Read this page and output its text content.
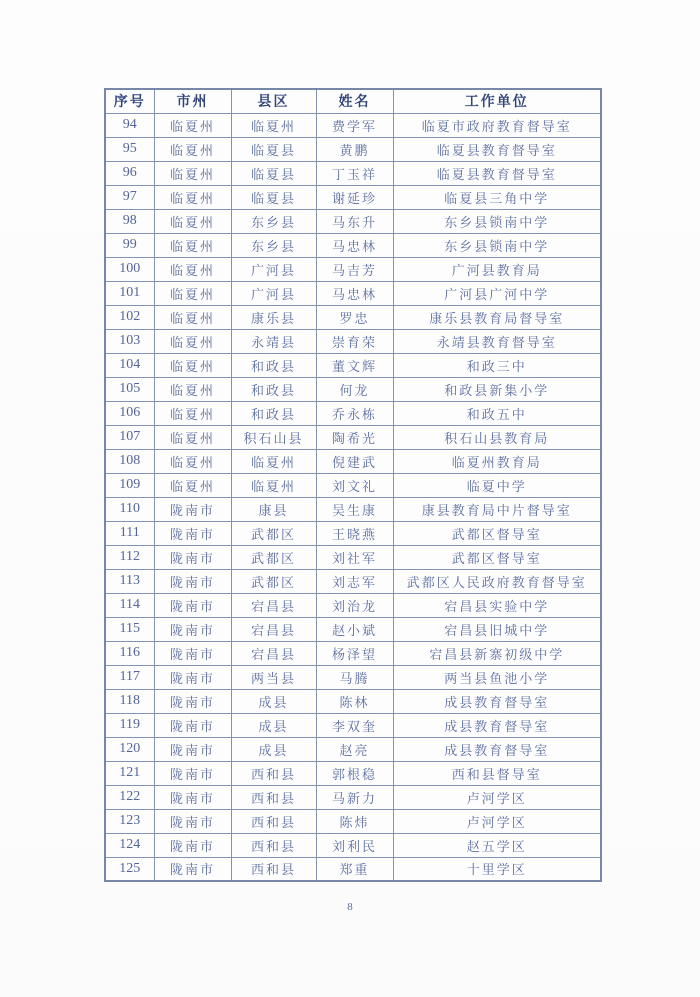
序号	市州	县区	姓名	工作单位
94	临夏州	临夏州	费学军	临夏市政府教育督导室
95	临夏州	临夏县	黄鹏	临夏县教育督导室
96	临夏州	临夏县	丁玉祥	临夏县教育督导室
97	临夏州	临夏县	谢延珍	临夏县三角中学
98	临夏州	东乡县	马东升	东乡县锁南中学
99	临夏州	东乡县	马忠林	东乡县锁南中学
100	临夏州	广河县	马吉芳	广河县教育局
101	临夏州	广河县	马忠林	广河县广河中学
102	临夏州	康乐县	罗忠	康乐县教育局督导室
103	临夏州	永靖县	崇育荣	永靖县教育督导室
104	临夏州	和政县	董文辉	和政三中
105	临夏州	和政县	何龙	和政县新集小学
106	临夏州	和政县	乔永栋	和政五中
107	临夏州	积石山县	陶希光	积石山县教育局
108	临夏州	临夏州	倪建武	临夏州教育局
109	临夏州	临夏州	刘文礼	临夏中学
110	陇南市	康县	吴生康	康县教育局中片督导室
111	陇南市	武都区	王晓燕	武都区督导室
112	陇南市	武都区	刘社军	武都区督导室
113	陇南市	武都区	刘志军	武都区人民政府教育督导室
114	陇南市	宕昌县	刘治龙	宕昌县实验中学
115	陇南市	宕昌县	赵小斌	宕昌县旧城中学
116	陇南市	宕昌县	杨泽望	宕昌县新寨初级中学
117	陇南市	两当县	马腾	两当县鱼池小学
118	陇南市	成县	陈林	成县教育督导室
119	陇南市	成县	李双奎	成县教育督导室
120	陇南市	成县	赵亮	成县教育督导室
121	陇南市	西和县	郭根稳	西和县督导室
122	陇南市	西和县	马新力	卢河学区
123	陇南市	西和县	陈炜	卢河学区
124	陇南市	西和县	刘利民	赵五学区
125	陇南市	西和县	郑重	十里学区
8
